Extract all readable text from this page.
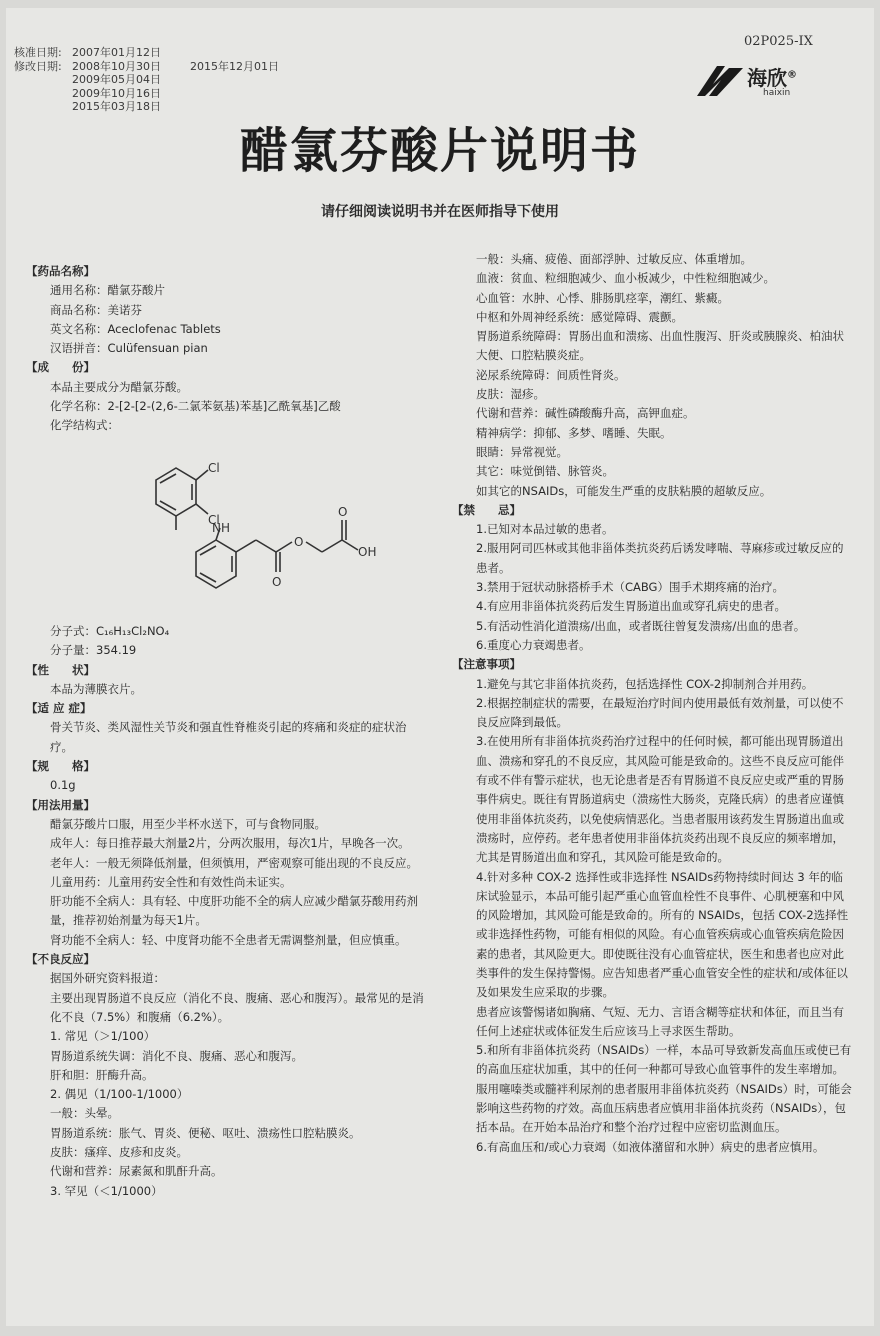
核准日期: 2007年01月12日
修改日期: 2008年10月30日	2015年12月01日
2009年05月04日
2009年10月16日
2015年03月18日
02P025-IX
海欣®
haixin
醋氯芬酸片说明书
请仔细阅读说明书并在医师指导下使用

【药品名称】

通用名称：醋氯芬酸片

商品名称：美诺芬

英文名称：Aceclofenac Tablets

汉语拼音：Culüfensuan pian

【成　　份】

本品主要成分为醋氯芬酸。

化学名称：2-[2-[2-(2,6-二氯苯氨基)苯基]乙酰氧基]乙酸

化学结构式：

Cl
Cl
NH
O
O
O
OH

分子式：C₁₆H₁₃Cl₂NO₄

分子量：354.19

【性　　状】

本品为薄膜衣片。

【适 应 症】

骨关节炎、类风湿性关节炎和强直性脊椎炎引起的疼痛和炎症的症状治疗。

【规　　格】

0.1g

【用法用量】

醋氯芬酸片口服，用至少半杯水送下，可与食物同服。

成年人：每日推荐最大剂量2片，分两次服用，每次1片，早晚各一次。

老年人：一般无须降低剂量，但须慎用，严密观察可能出现的不良反应。

儿童用药：儿童用药安全性和有效性尚未证实。

肝功能不全病人：具有轻、中度肝功能不全的病人应减少醋氯芬酸用药剂量，推荐初始剂量为每天1片。

肾功能不全病人：轻、中度肾功能不全患者无需调整剂量，但应慎重。

【不良反应】

据国外研究资料报道：

主要出现胃肠道不良反应（消化不良、腹痛、恶心和腹泻）。最常见的是消化不良（7.5%）和腹痛（6.2%）。

1. 常见（＞1/100）

胃肠道系统失调：消化不良、腹痛、恶心和腹泻。

肝和胆：肝酶升高。

2. 偶见（1/100-1/1000）

一般：头晕。

胃肠道系统：胀气、胃炎、便秘、呕吐、溃疡性口腔粘膜炎。

皮肤：瘙痒、皮疹和皮炎。

代谢和营养：尿素氮和肌酐升高。

3. 罕见（＜1/1000）

一般：头痛、疲倦、面部浮肿、过敏反应、体重增加。

血液：贫血、粒细胞减少、血小板减少，中性粒细胞减少。

心血管：水肿、心悸、腓肠肌痉挛，潮红、紫癜。

中枢和外周神经系统：感觉障碍、震颤。

胃肠道系统障碍：胃肠出血和溃疡、出血性腹泻、肝炎或胰腺炎、柏油状大便、口腔粘膜炎症。

泌尿系统障碍：间质性肾炎。

皮肤：湿疹。

代谢和营养：碱性磷酸酶升高，高钾血症。

精神病学：抑郁、多梦、嗜睡、失眠。

眼睛：异常视觉。

其它：味觉倒错、脉管炎。

如其它的NSAIDs，可能发生严重的皮肤粘膜的超敏反应。

【禁　　忌】

1.已知对本品过敏的患者。

2.服用阿司匹林或其他非甾体类抗炎药后诱发哮喘、荨麻疹或过敏反应的患者。

3.禁用于冠状动脉搭桥手术（CABG）围手术期疼痛的治疗。

4.有应用非甾体抗炎药后发生胃肠道出血或穿孔病史的患者。

5.有活动性消化道溃疡/出血，或者既往曾复发溃疡/出血的患者。

6.重度心力衰竭患者。

【注意事项】

1.避免与其它非甾体抗炎药，包括选择性 COX-2抑制剂合并用药。

2.根据控制症状的需要，在最短治疗时间内使用最低有效剂量，可以使不良反应降到最低。

3.在使用所有非甾体抗炎药治疗过程中的任何时候，都可能出现胃肠道出血、溃疡和穿孔的不良反应，其风险可能是致命的。这些不良反应可能伴有或不伴有警示症状，也无论患者是否有胃肠道不良反应史或严重的胃肠事件病史。既往有胃肠道病史（溃疡性大肠炎，克隆氏病）的患者应谨慎使用非甾体抗炎药，以免使病情恶化。当患者服用该药发生胃肠道出血或溃疡时，应停药。老年患者使用非甾体抗炎药出现不良反应的频率增加，尤其是胃肠道出血和穿孔，其风险可能是致命的。

4.针对多种 COX-2 选择性或非选择性 NSAIDs药物持续时间达 3 年的临床试验显示，本品可能引起严重心血管血栓性不良事件、心肌梗塞和中风的风险增加，其风险可能是致命的。所有的 NSAIDs，包括 COX-2选择性或非选择性药物，可能有相似的风险。有心血管疾病或心血管疾病危险因素的患者，其风险更大。即使既往没有心血管症状，医生和患者也应对此类事件的发生保持警惕。应告知患者严重心血管安全性的症状和/或体征以及如果发生应采取的步骤。

患者应该警惕诸如胸痛、气短、无力、言语含糊等症状和体征，而且当有任何上述症状或体征发生后应该马上寻求医生帮助。

5.和所有非甾体抗炎药（NSAIDs）一样，本品可导致新发高血压或使已有的高血压症状加重，其中的任何一种都可导致心血管事件的发生率增加。服用噻嗪类或髓袢利尿剂的患者服用非甾体抗炎药（NSAIDs）时，可能会影响这些药物的疗效。高血压病患者应慎用非甾体抗炎药（NSAIDs），包括本品。在开始本品治疗和整个治疗过程中应密切监测血压。

6.有高血压和/或心力衰竭（如液体潴留和水肿）病史的患者应慎用。
